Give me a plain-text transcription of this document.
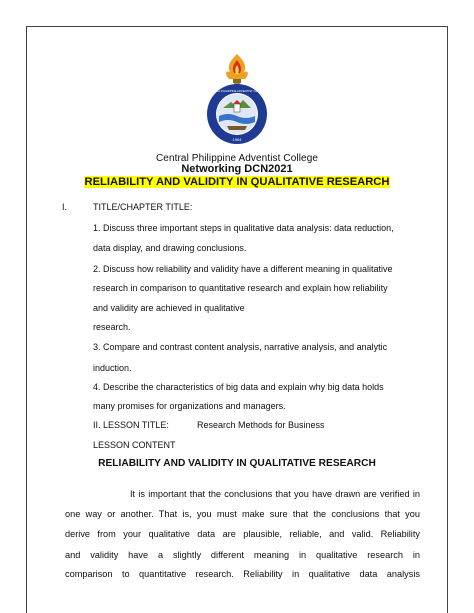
CENTRAL PHILIPPINE ADVENTIST COLLEGE
1964
Central Philippine Adventist College
Networking DCN2021
RELIABILITY AND VALIDITY IN QUALITATIVE RESEARCH
I.	TITLE/CHAPTER TITLE:
1. Discuss three important steps in qualitative data analysis: data reduction,
data display, and drawing conclusions.
2. Discuss how reliability and validity have a different meaning in qualitative
research in comparison to quantitative research and explain how reliability
and validity are achieved in qualitative
research.
3. Compare and contrast content analysis, narrative analysis, and analytic
induction.
4. Describe the characteristics of big data and explain why big data holds
many promises for organizations and managers.
II. LESSON TITLE:	Research Methods for Business
LESSON CONTENT
RELIABILITY AND VALIDITY IN QUALITATIVE RESEARCH
It is important that the conclusions that you have drawn are verified in
one way or another. That is, you must make sure that the conclusions that you
derive from your qualitative data are plausible, reliable, and valid. Reliability
and validity have a slightly different meaning in qualitative research in
comparison to quantitative research. Reliability in qualitative data analysis
